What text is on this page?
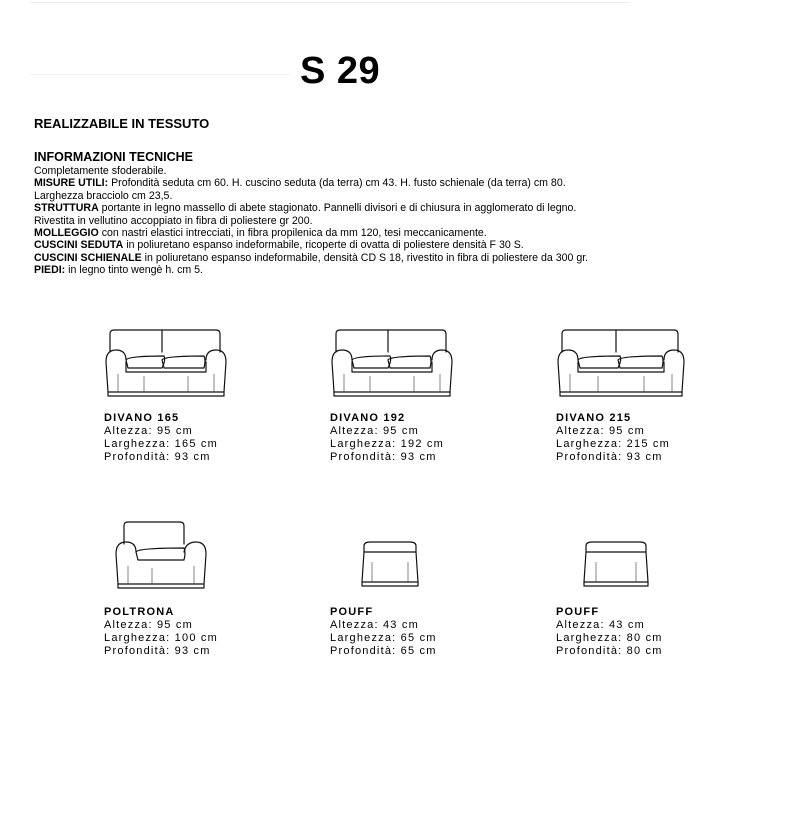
S 29
REALIZZABILE IN TESSUTO
INFORMAZIONI TECNICHE
Completamente sfoderabile.
MISURE UTILI: Profondità seduta cm 60. H. cuscino seduta (da terra) cm 43. H. fusto schienale (da terra) cm 80.
Larghezza bracciolo cm 23,5.
STRUTTURA portante in legno massello di abete stagionato. Pannelli divisori e di chiusura in agglomerato di legno.
Rivestita in vellutino accoppiato in fibra di poliestere gr 200.
MOLLEGGIO con nastri elastici intrecciati, in fibra propilenica da mm 120, tesi meccanicamente.
CUSCINI SEDUTA in poliuretano espanso indeformabile, ricoperte di ovatta di poliestere densità F 30 S.
CUSCINI SCHIENALE in poliuretano espanso indeformabile, densità CD S 18, rivestito in fibra di poliestere da 300 gr.
PIEDI: in legno tinto wengè h. cm 5.
DIVANO 165
Altezza: 95 cm
Larghezza: 165 cm
Profondità: 93 cm
DIVANO 192
Altezza: 95 cm
Larghezza: 192 cm
Profondità: 93 cm
DIVANO 215
Altezza: 95 cm
Larghezza: 215 cm
Profondità: 93 cm
POLTRONA
Altezza: 95 cm
Larghezza: 100 cm
Profondità: 93 cm
POUFF
Altezza: 43 cm
Larghezza: 65 cm
Profondità: 65 cm
POUFF
Altezza: 43 cm
Larghezza: 80 cm
Profondità: 80 cm
